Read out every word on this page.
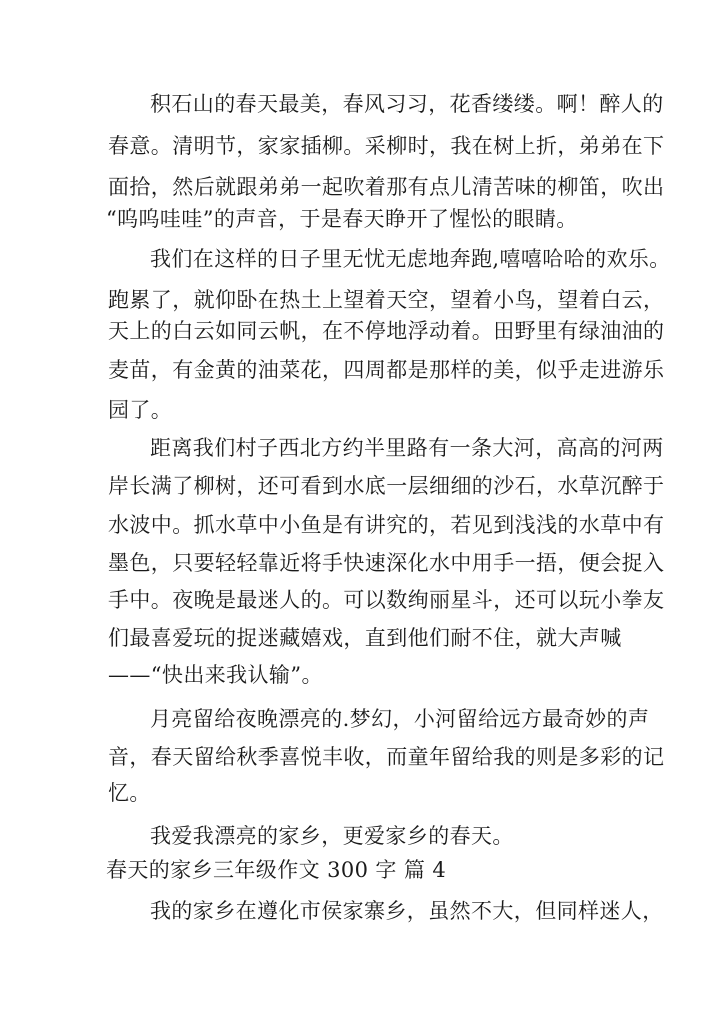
积石山的春天最美，春风习习，花香缕缕。啊！醉人的
春意。清明节，家家插柳。采柳时，我在树上折，弟弟在下
面拾，然后就跟弟弟一起吹着那有点儿清苦味的柳笛，吹出
“呜呜哇哇”的声音，于是春天睁开了惺忪的眼睛。
我们在这样的日子里无忧无虑地奔跑,嘻嘻哈哈的欢乐。
跑累了，就仰卧在热土上望着天空，望着小鸟，望着白云，
天上的白云如同云帆，在不停地浮动着。田野里有绿油油的
麦苗，有金黄的油菜花，四周都是那样的美，似乎走进游乐
园了。
距离我们村子西北方约半里路有一条大河，高高的河两
岸长满了柳树，还可看到水底一层细细的沙石，水草沉醉于
水波中。抓水草中小鱼是有讲究的，若见到浅浅的水草中有
墨色，只要轻轻靠近将手快速深化水中用手一捂，便会捉入
手中。夜晚是最迷人的。可以数绚丽星斗，还可以玩小拳友
们最喜爱玩的捉迷藏嬉戏，直到他们耐不住，就大声喊
——“快出来我认输”。
月亮留给夜晚漂亮的.梦幻，小河留给远方最奇妙的声
音，春天留给秋季喜悦丰收，而童年留给我的则是多彩的记
忆。
我爱我漂亮的家乡，更爱家乡的春天。
春天的家乡三年级作文 300 字 篇 4
我的家乡在遵化市侯家寨乡，虽然不大，但同样迷人，
